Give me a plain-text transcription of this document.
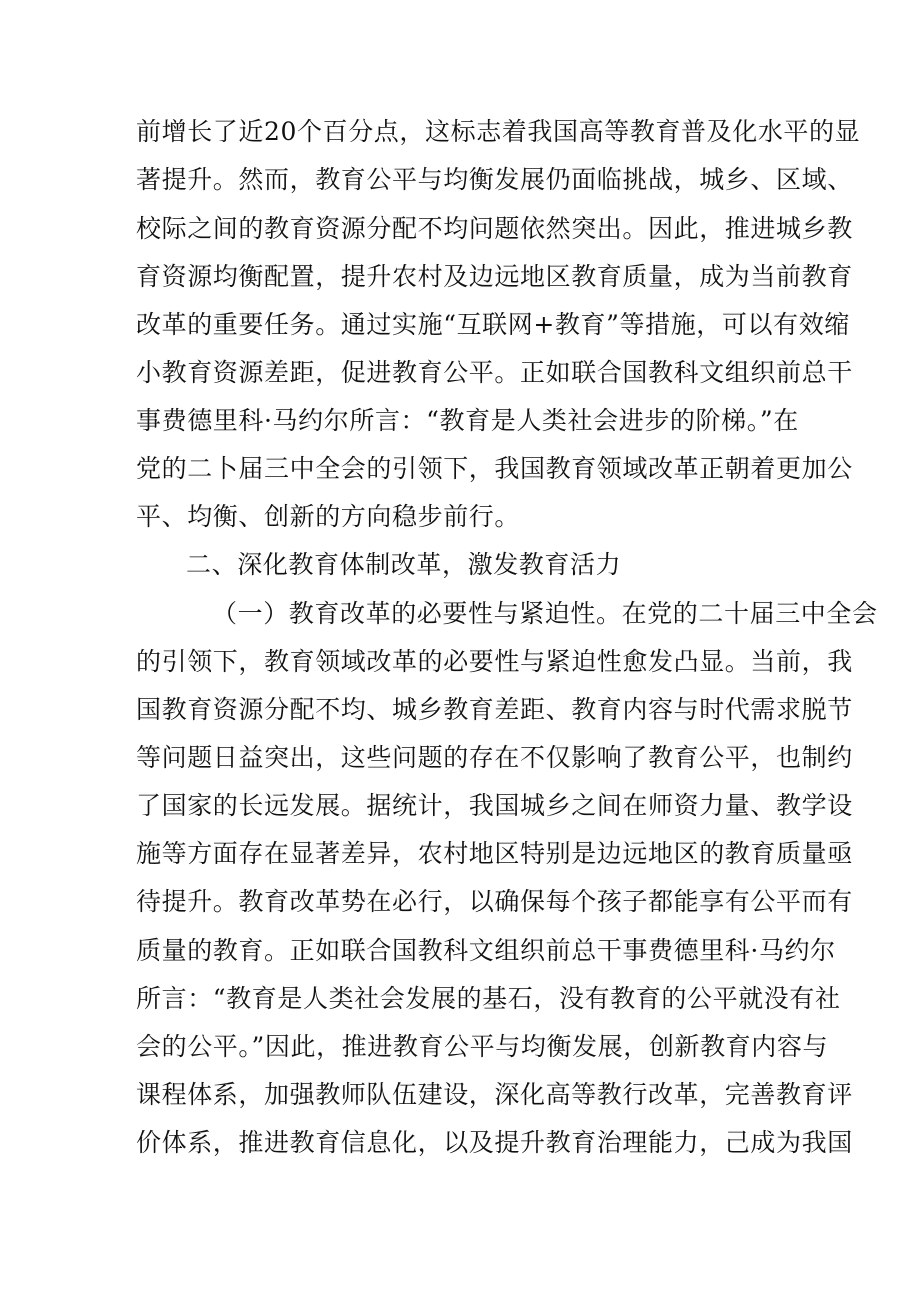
前增长了近20个百分点，这标志着我国高等教育普及化水平的显
著提升。然而，教育公平与均衡发展仍面临挑战，城乡、区域、
校际之间的教育资源分配不均问题依然突出。因此，推进城乡教
育资源均衡配置，提升农村及边远地区教育质量，成为当前教育
改革的重要任务。通过实施“互联网+教育”等措施，可以有效缩
小教育资源差距，促进教育公平。正如联合国教科文组织前总干
事费德里科·马约尔所言：“教育是人类社会进步的阶梯。”在
党的二卜届三中全会的引领下，我国教育领域改革正朝着更加公
平、均衡、创新的方向稳步前行。
二、深化教育体制改革，激发教育活力
（一）教育改革的必要性与紧迫性。在党的二十届三中全会
的引领下，教育领域改革的必要性与紧迫性愈发凸显。当前，我
国教育资源分配不均、城乡教育差距、教育内容与时代需求脱节
等问题日益突出，这些问题的存在不仅影响了教育公平，也制约
了国家的长远发展。据统计，我国城乡之间在师资力量、教学设
施等方面存在显著差异，农村地区特别是边远地区的教育质量亟
待提升。教育改革势在必行，以确保每个孩子都能享有公平而有
质量的教育。正如联合国教科文组织前总干事费德里科·马约尔
所言：“教育是人类社会发展的基石，没有教育的公平就没有社
会的公平。”因此，推进教育公平与均衡发展，创新教育内容与
课程体系，加强教师队伍建设，深化高等教行改革，完善教育评
价体系，推进教育信息化，以及提升教育治理能力，己成为我国
